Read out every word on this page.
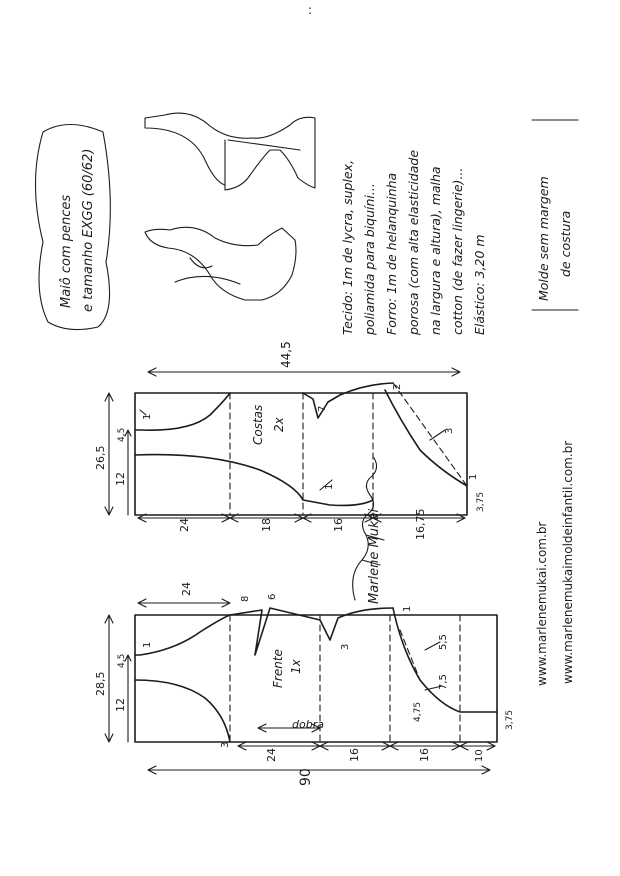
:
Maiô com pences e tamanho EXGG (60/62)	Tecido: 1m de lycra, suplex, poliamida para biquíni... Forro: 1m de helanquinha porosa (com alta elasticidade na largura e altura), malha cotton (de fazer lingerie)... Elástico: 3,20 m	Molde sem margem de costura
Costas 2x
44,5
26,5
1
4,5
12
24	18	16	16,75
3,75
1
7
2
1
3
Frente 1x
dobra
90
28,5
1
4,5
12
24
8 6
24	16	16	10
3
5,5
7,5
4,75	3,75
1
3
Marlene Mukai	www.marlenemukai.com.br www.marlenemukaimoldeinfantil.com.br
